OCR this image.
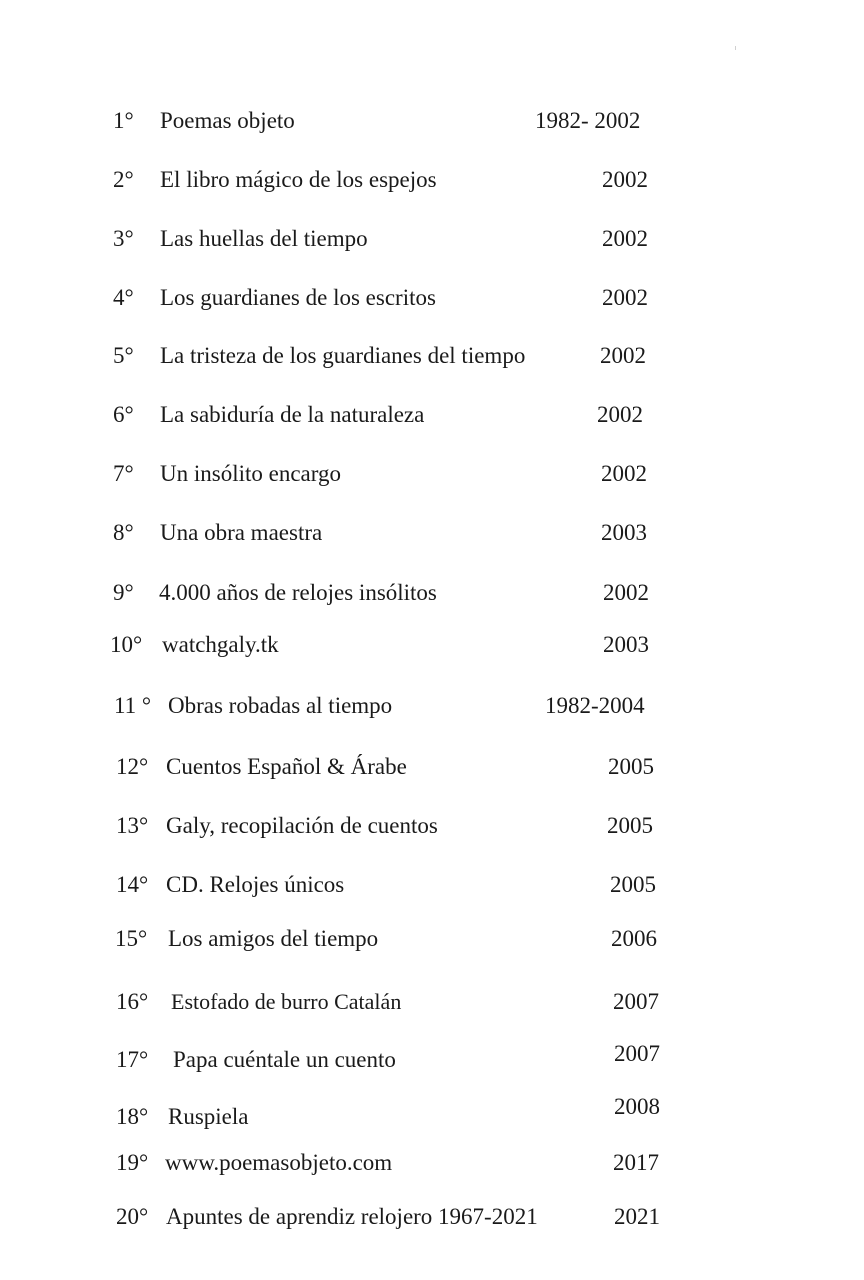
1° Poemas objeto	1982- 2002
2° El libro mágico de los espejos	2002
3° Las huellas del tiempo	2002
4° Los guardianes de los escritos	2002
5° La tristeza de los guardianes del tiempo	2002
6° La sabiduría de la naturaleza	2002
7° Un insólito encargo	2002
8° Una obra maestra	2003
9° 4.000 años de relojes insólitos	2002
10° watchgaly.tk	2003
11 ° Obras robadas al tiempo	1982-2004
12° Cuentos Español & Árabe	2005
13° Galy, recopilación de cuentos	2005
14° CD. Relojes únicos	2005
15° Los amigos del tiempo	2006
16° Estofado de burro Catalán	2007
17° Papa cuéntale un cuento	2007
18° Ruspiela	2008
19° www.poemasobjeto.com	2017
20° Apuntes de aprendiz relojero 1967-2021	2021
